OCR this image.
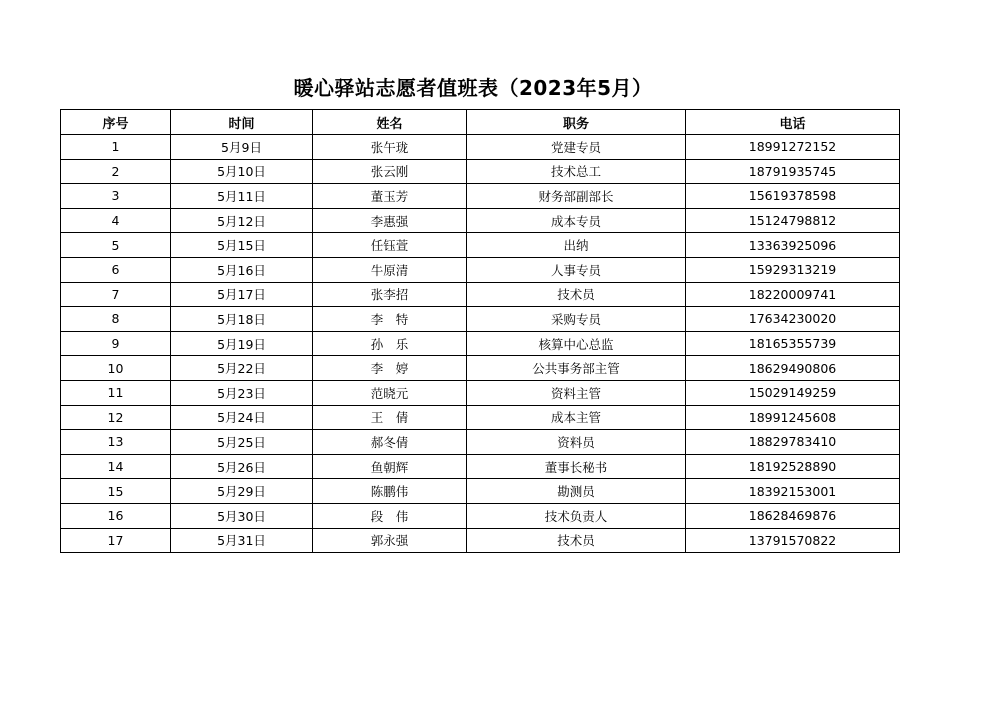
暖心驿站志愿者值班表（2023年5月）
序号	时间	姓名	职务	电话
1	5月9日	张午珑	党建专员	18991272152
2	5月10日	张云刚	技术总工	18791935745
3	5月11日	董玉芳	财务部副部长	15619378598
4	5月12日	李惠强	成本专员	15124798812
5	5月15日	任钰萱	出纳	13363925096
6	5月16日	牛原清	人事专员	15929313219
7	5月17日	张李招	技术员	18220009741
8	5月18日	李　特	采购专员	17634230020
9	5月19日	孙　乐	核算中心总监	18165355739
10	5月22日	李　婷	公共事务部主管	18629490806
11	5月23日	范晓元	资料主管	15029149259
12	5月24日	王　倩	成本主管	18991245608
13	5月25日	郝冬倩	资料员	18829783410
14	5月26日	鱼朝辉	董事长秘书	18192528890
15	5月29日	陈鹏伟	勘测员	18392153001
16	5月30日	段　伟	技术负责人	18628469876
17	5月31日	郭永强	技术员	13791570822
